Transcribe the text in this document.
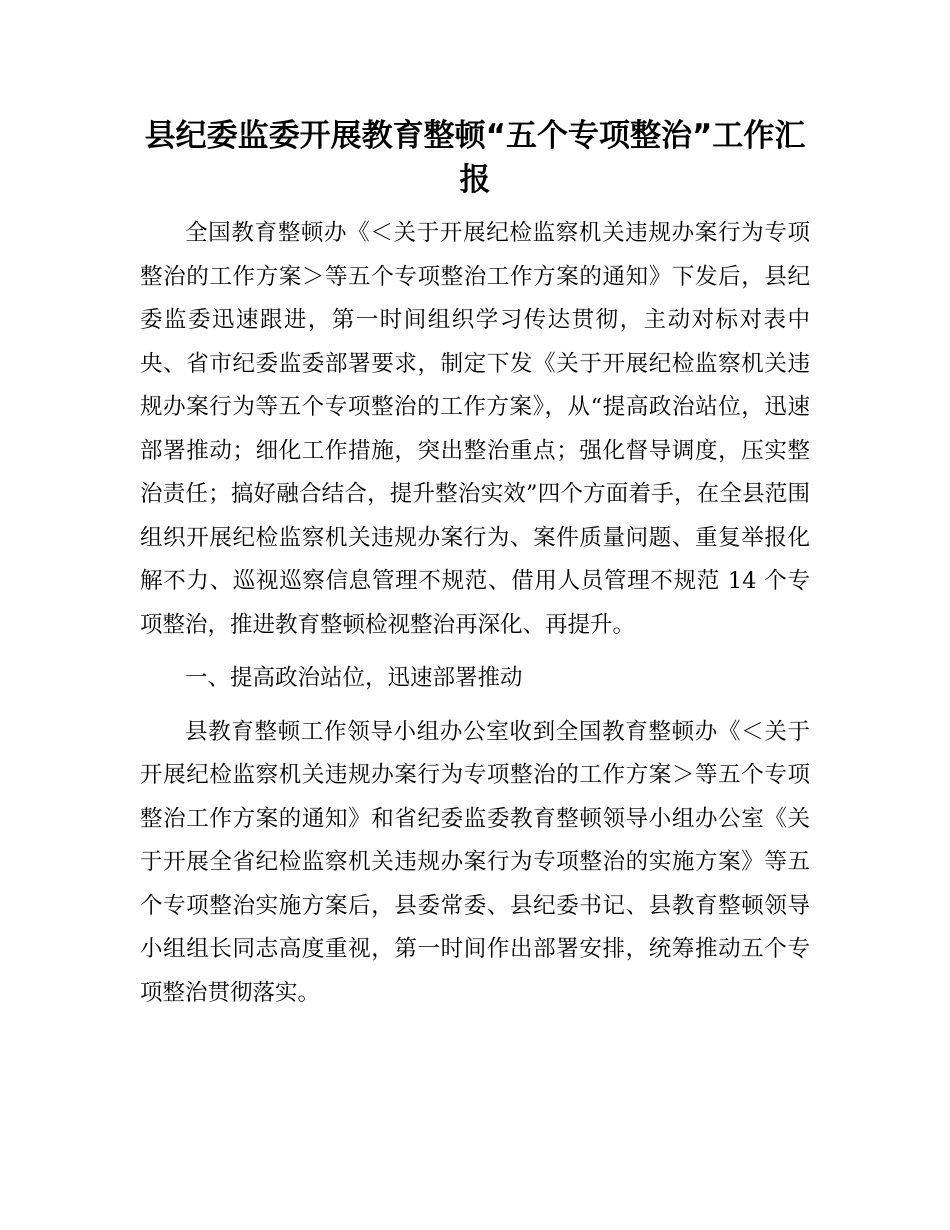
县纪委监委开展教育整顿“五个专项整治”工作汇报

全国教育整顿办《＜关于开展纪检监察机关违规办案行为专项整治的工作方案＞等五个专项整治工作方案的通知》下发后，县纪委监委迅速跟进，第一时间组织学习传达贯彻，主动对标对表中央、省市纪委监委部署要求，制定下发《关于开展纪检监察机关违规办案行为等五个专项整治的工作方案》，从“提高政治站位，迅速部署推动；细化工作措施，突出整治重点；强化督导调度，压实整治责任；搞好融合结合，提升整治实效”四个方面着手，在全县范围组织开展纪检监察机关违规办案行为、案件质量问题、重复举报化解不力、巡视巡察信息管理不规范、借用人员管理不规范 14 个专项整治，推进教育整顿检视整治再深化、再提升。

一、提高政治站位，迅速部署推动

县教育整顿工作领导小组办公室收到全国教育整顿办《＜关于开展纪检监察机关违规办案行为专项整治的工作方案＞等五个专项整治工作方案的通知》和省纪委监委教育整顿领导小组办公室《关于开展全省纪检监察机关违规办案行为专项整治的实施方案》等五个专项整治实施方案后，县委常委、县纪委书记、县教育整顿领导小组组长同志高度重视，第一时间作出部署安排，统筹推动五个专项整治贯彻落实。
